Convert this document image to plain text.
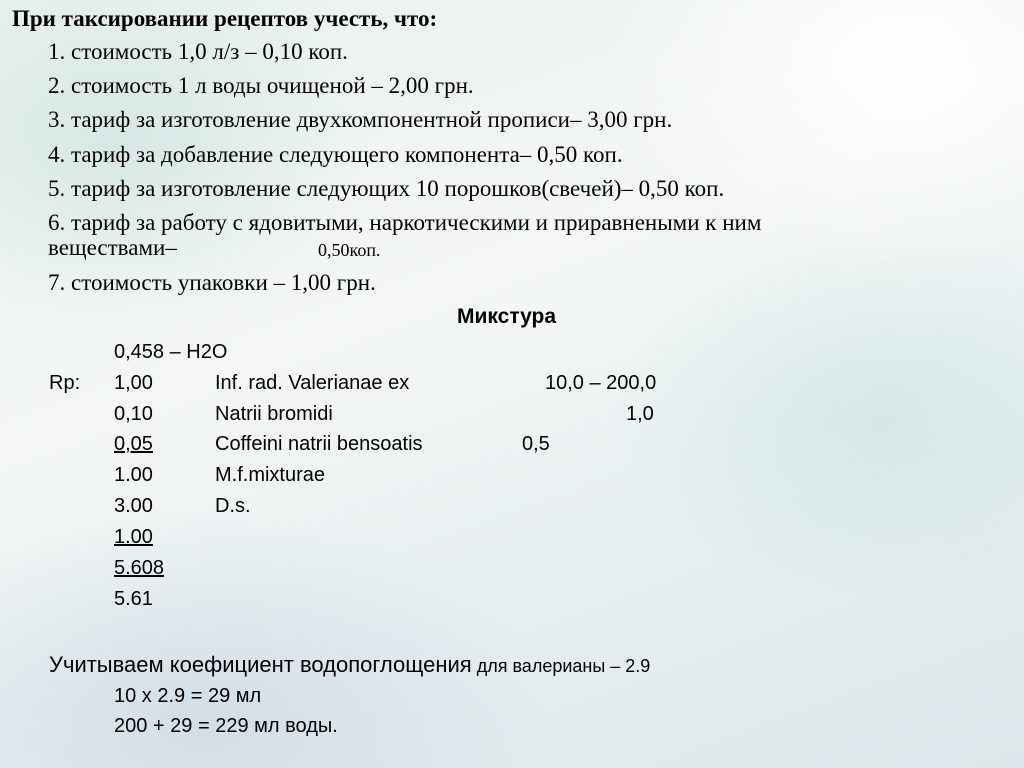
При таксировании рецептов учесть, что:
1. стоимость 1,0 л/з – 0,10 коп.
2. стоимость 1 л воды очищеной – 2,00 грн.
3. тариф за изготовление двухкомпонентной прописи– 3,00 грн.
4. тариф за добавление следующего компонента– 0,50 коп.
5. тариф за изготовление следующих 10 порошков(свечей)– 0,50 коп.
6. тариф за работу с ядовитыми, наркотическими и приравнеными к ним
веществами–	0,50коп.
7. стоимость упаковки – 1,00 грн.
Микстура
0,458 – H2O
Rp: 1,00	Inf. rad. Valerianae ex	10,0 – 200,0
0,10	Natrii bromidi	1,0
0,05	Coffeini natrii bensoatis	0,5
1.00	M.f.mixturae
3.00	D.s.
1.00
5.608
5.61
Учитываем коефициент водопоглощения для валерианы – 2.9
10 х 2.9 = 29 мл
200 + 29 = 229 мл воды.
